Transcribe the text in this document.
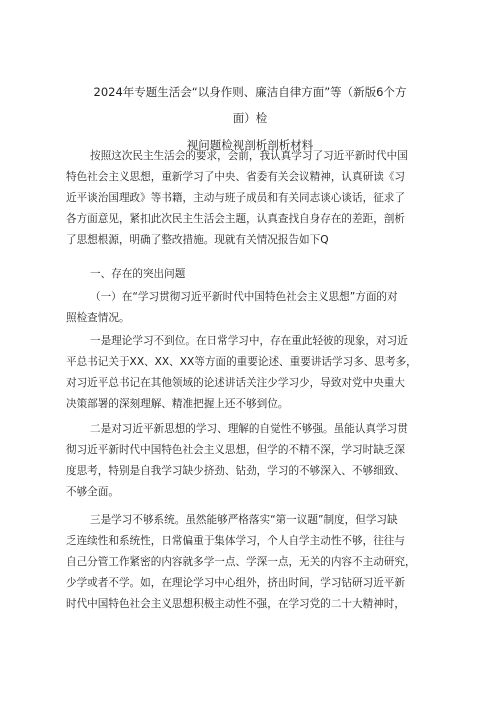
2024年专题生活会“以身作则、廉洁自律方面”等（新版6个方
面）检
视问题检视剖析剖析材料

按照这次民主生活会的要求，会前，我认真学习了习近平新时代中国
特色社会主义思想，重新学习了中央、省委有关会议精神，认真研读《习
近平谈治国理政》等书籍，主动与班子成员和有关同志谈心谈话，征求了
各方面意见，紧扣此次民主生活会主题，认真查找自身存在的差距，剖析
了思想根源，明确了整改措施。现就有关情况报告如下Q

一、存在的突出问题

（一）在“学习贯彻习近平新时代中国特色社会主义思想”方面的对
照检查情况。

一是理论学习不到位。在日常学习中，存在重此轻彼的现象，对习近
平总书记关于XX、XX、XX等方面的重要论述、重要讲话学习多、思考多，
对习近平总书记在其他领域的论述讲话关注少学习少，导致对党中央重大
决策部署的深刻理解、精准把握上还不够到位。

二是对习近平新思想的学习、理解的自觉性不够强。虽能认真学习贯
彻习近平新时代中国特色社会主义思想，但学的不精不深，学习时缺乏深
度思考，特别是自我学习缺少挤劲、钻劲，学习的不够深入、不够细致、
不够全面。

三是学习不够系统。虽然能够严格落实“第一议题”制度，但学习缺
乏连续性和系统性，日常偏重于集体学习，个人自学主动性不够，往往与
自己分管工作紧密的内容就多学一点、学深一点，无关的内容不主动研究，
少学或者不学。如，在理论学习中心组外，挤出时间，学习钻研习近平新
时代中国特色社会主义思想积极主动性不强，在学习党的二十大精神时，
